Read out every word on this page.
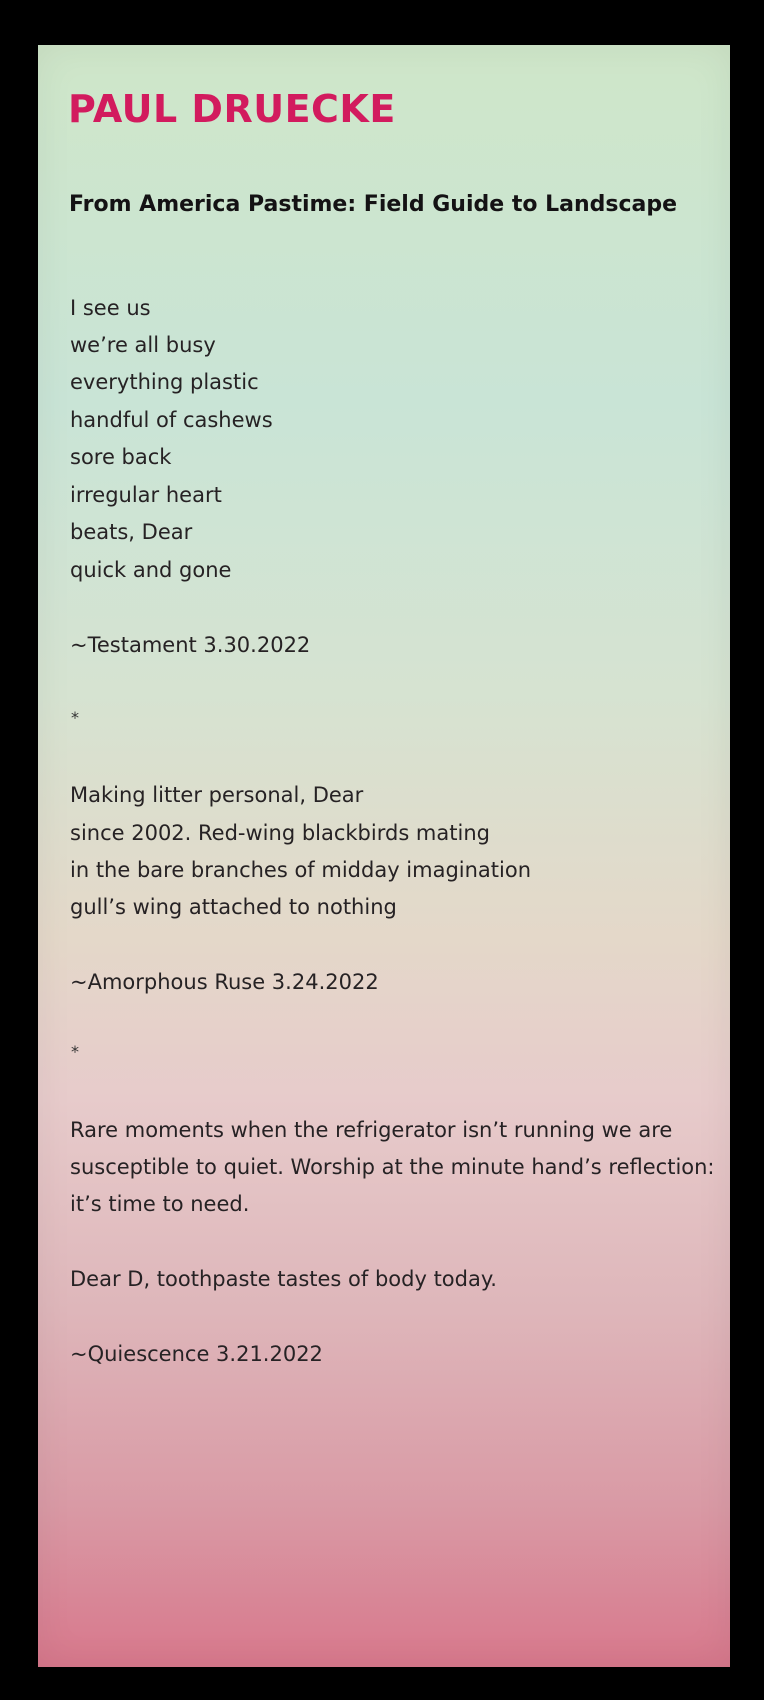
PAUL DRUECKE
From America Pastime: Field Guide to Landscape

I see us

we’re all busy

everything plastic

handful of cashews

sore back

irregular heart

beats, Dear

quick and gone

~Testament 3.30.2022

*

Making litter personal, Dear

since 2002. Red-wing blackbirds mating

in the bare branches of midday imagination

gull’s wing attached to nothing

~Amorphous Ruse 3.24.2022

*

Rare moments when the refrigerator isn’t running we are

susceptible to quiet. Worship at the minute hand’s reflection:

it’s time to need.

Dear D, toothpaste tastes of body today.

~Quiescence 3.21.2022
